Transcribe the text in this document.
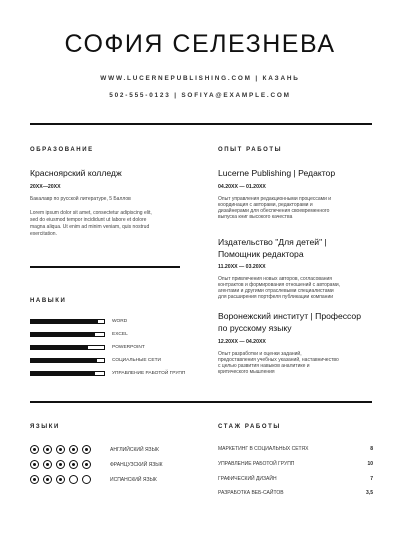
СОФИЯ СЕЛЕЗНЕВА
WWW.LUCERNEPUBLISHING.COM | КАЗАНЬ
502-555-0123 | SOFIYA@EXAMPLE.COM
ОБРАЗОВАНИЕ
Красноярский колледж
20XX—20XX
Бакалавр по русской литературе, 5 Баллов
Lorem ipsum dolor sit amet, consectetur adipiscing elit,
sed do eiusmod tempor incididunt ut labore et dolore
magna aliqua. Ut enim ad minim veniam, quis nostrud
exercitation.
НАВЫКИ
WORD
EXCEL
POWERPOINT
СОЦИАЛЬНЫЕ СЕТИ
УПРАВЛЕНИЕ РАБОТОЙ ГРУПП
ОПЫТ РАБОТЫ
Lucerne Publishing | Редактор
04.20XX — 01.20XX
Опыт управления редакционными процессами и
координация с авторами, редакторами и
дизайнерами для обеспечения своевременного
выпуска книг высокого качества
Издательство "Для детей" |
Помощник редактора
11.20XX — 03.20XX
Опыт привлечения новых авторов, согласования
контрактов и формирования отношений с авторами,
агентами и другими отраслевыми специалистами
для расширения портфеля публикации компании
Воронежский институт | Профессор
по русскому языку
12.20XX — 04.20XX
Опыт разработки и оценки заданий,
предоставления учебных указаний, наставничество
с целью развития навыков аналитике и
критического мышления
ЯЗЫКИ
АНГЛИЙСКИЙ ЯЗЫК
ФРАНЦУЗСКИЙ ЯЗЫК
ИСПАНСКИЙ ЯЗЫК
СТАЖ РАБОТЫ
МАРКЕТИНГ В СОЦИАЛЬНЫХ СЕТЯХ	8
УПРАВЛЕНИЕ РАБОТОЙ ГРУПП	10
ГРАФИЧЕСКИЙ ДИЗАЙН	7
РАЗРАБОТКА ВЕБ-САЙТОВ	3,5
